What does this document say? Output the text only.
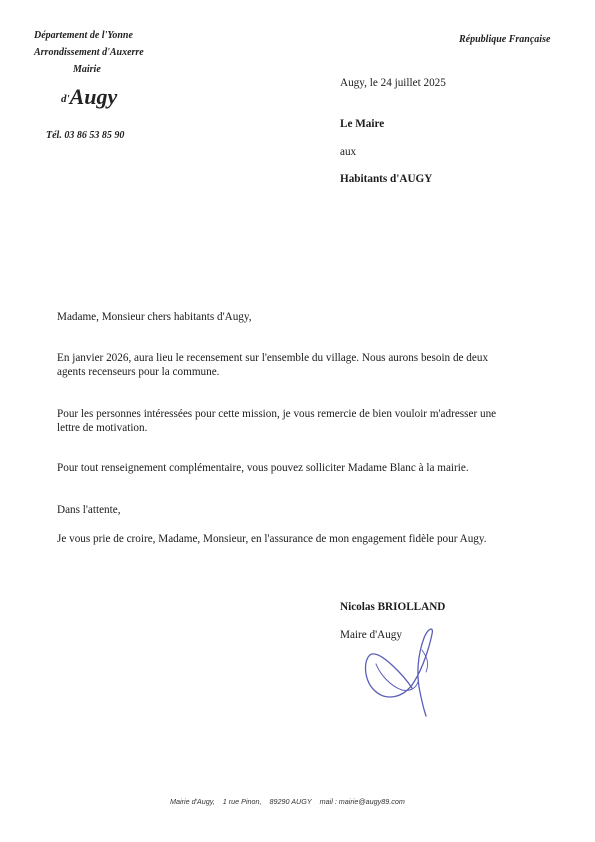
Département de l'Yonne
Arrondissement d'Auxerre
Mairie
d'Augy
Tél. 03 86 53 85 90
République Française
Augy, le 24 juillet 2025
Le Maire
aux
Habitants d'AUGY
Madame, Monsieur chers habitants d'Augy,
En janvier 2026, aura lieu le recensement sur l'ensemble du village. Nous aurons besoin de deux
agents recenseurs pour la commune.
Pour les personnes intéressées pour cette mission, je vous remercie de bien vouloir m'adresser une
lettre de motivation.
Pour tout renseignement complémentaire, vous pouvez solliciter Madame Blanc à la mairie.
Dans l'attente,
Je vous prie de croire, Madame, Monsieur, en l'assurance de mon engagement fidèle pour Augy.
Nicolas BRIOLLAND
Maire d'Augy
Mairie d'Augy, 1 rue Pinon, 89290 AUGY mail : mairie@augy89.com
